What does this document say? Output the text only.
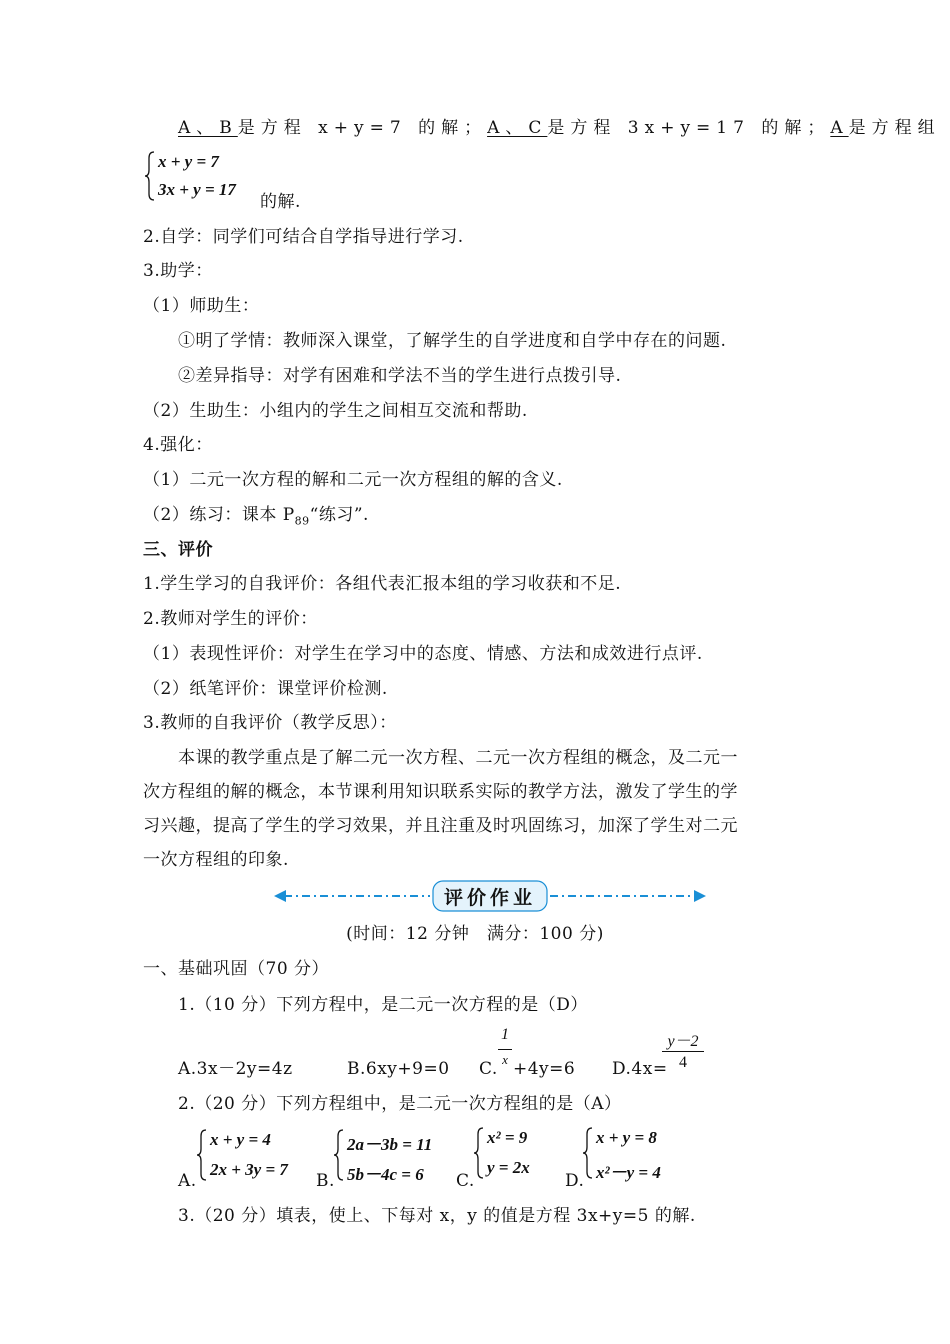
A、B是方程 x+y=7 的解；A、C是方程 3x+y=17 的解；A是方程组
x + y = 7
3x + y = 17
的解.
2.自学：同学们可结合自学指导进行学习.
3.助学：
（1）师助生：
①明了学情：教师深入课堂，了解学生的自学进度和自学中存在的问题.
②差异指导：对学有困难和学法不当的学生进行点拨引导.
（2）生助生：小组内的学生之间相互交流和帮助.
4.强化：
（1）二元一次方程的解和二元一次方程组的解的含义.
（2）练习：课本 $P_{89}“$练习”.
三、评价
1.学生学习的自我评价：各组代表汇报本组的学习收获和不足.
2.教师对学生的评价：
（1）表现性评价：对学生在学习中的态度、情感、方法和成效进行点评.
（2）纸笔评价：课堂评价检测.
3.教师的自我评价（教学反思）：
本课的教学重点是了解二元一次方程、二元一次方程组的概念，及二元一
次方程组的解的概念，本节课利用知识联系实际的教学方法，激发了学生的学
习兴趣，提高了学生的学习效果，并且注重及时巩固练习，加深了学生对二元
一次方程组的印象.
评价作业
(时间：12 分钟　满分：100 分)
一、基础巩固（70 分）
1.（10 分）下列方程中，是二元一次方程的是（D）
A.3x－2y=4z	B.6xy+9=0 C.
1
x +4y=6 D.4x=
y－2
4
2.（20 分）下列方程组中，是二元一次方程组的是（A）
A.
x + y = 4
2x + 3y = 7
B.
2a－3b = 11
5b－4c = 6 C.
x² = 9
y = 2x
D.
x + y = 8
x²－y = 4
3.（20 分）填表，使上、下每对 x，y 的值是方程 3x+y=5 的解.
